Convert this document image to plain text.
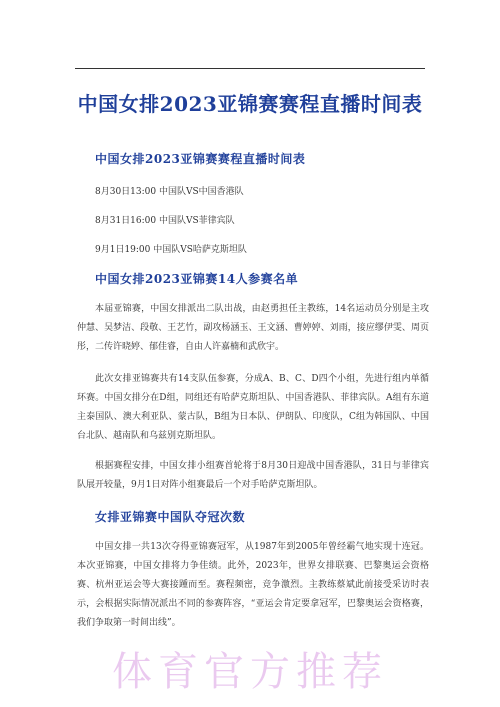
中国女排2023亚锦赛赛程直播时间表
中国女排2023亚锦赛赛程直播时间表
8月30日13:00 中国队VS中国香港队
8月31日16:00 中国队VS菲律宾队
9月1日19:00 中国队VS哈萨克斯坦队
中国女排2023亚锦赛14人参赛名单
本届亚锦赛，中国女排派出二队出战，由赵勇担任主教练，14名运动员分别是主攻仲慧、吴梦洁、段敬、王艺竹，副攻杨涵玉、王文涵、曹婷婷、刘雨，接应缪伊雯、周页彤，二传许晓婷、郁佳睿，自由人许嘉楠和武欣宇。
此次女排亚锦赛共有14支队伍参赛，分成A、B、C、D四个小组，先进行组内单循环赛。中国女排分在D组，同组还有哈萨克斯坦队、中国香港队、菲律宾队。A组有东道主泰国队、澳大利亚队、蒙古队，B组为日本队、伊朗队、印度队，C组为韩国队、中国台北队、越南队和乌兹别克斯坦队。
根据赛程安排，中国女排小组赛首轮将于8月30日迎战中国香港队，31日与菲律宾队展开较量，9月1日对阵小组赛最后一个对手哈萨克斯坦队。
女排亚锦赛中国队夺冠次数
中国女排一共13次夺得亚锦赛冠军，从1987年到2005年曾经霸气地实现十连冠。本次亚锦赛，中国女排将力争佳绩。此外，2023年，世界女排联赛、巴黎奥运会资格赛、杭州亚运会等大赛接踵而至。赛程频密，竞争激烈。主教练蔡斌此前接受采访时表示，会根据实际情况派出不同的参赛阵容，“亚运会肯定要拿冠军，巴黎奥运会资格赛，我们争取第一时间出线”。
体育官方推荐
